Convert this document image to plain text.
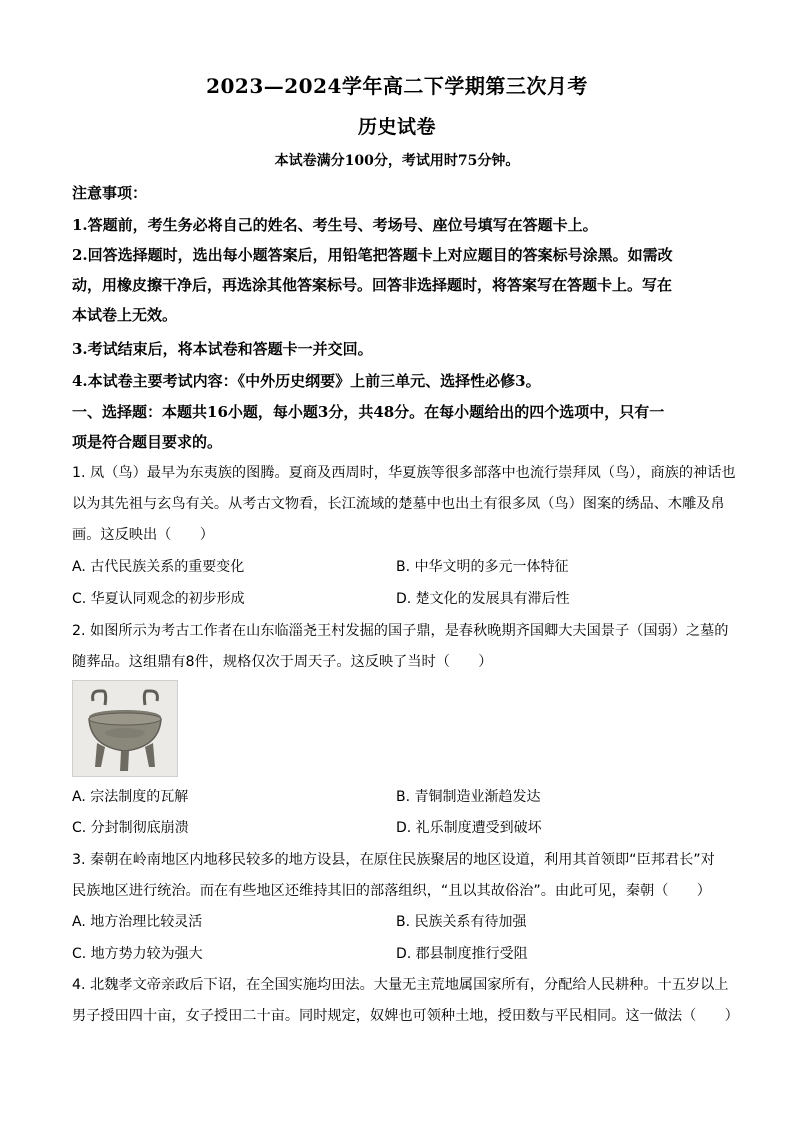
2023—2024学年高二下学期第三次月考
历史试卷
本试卷满分100分，考试用时75分钟。
注意事项：
1.答题前，考生务必将自己的姓名、考生号、考场号、座位号填写在答题卡上。
2.回答选择题时，选出每小题答案后，用铅笔把答题卡上对应题目的答案标号涂黑。如需改
动，用橡皮擦干净后，再选涂其他答案标号。回答非选择题时，将答案写在答题卡上。写在
本试卷上无效。
3.考试结束后，将本试卷和答题卡一并交回。
4.本试卷主要考试内容：《中外历史纲要》上前三单元、选择性必修3。
一、选择题：本题共16小题，每小题3分，共48分。在每小题给出的四个选项中，只有一
项是符合题目要求的。
1. 凤（鸟）最早为东夷族的图腾。夏商及西周时，华夏族等很多部落中也流行崇拜凤（鸟），商族的神话也
以为其先祖与玄鸟有关。从考古文物看，长江流域的楚墓中也出土有很多凤（鸟）图案的绣品、木雕及帛
画。这反映出（　　）
A. 古代民族关系的重要变化	B. 中华文明的多元一体特征
C. 华夏认同观念的初步形成	D. 楚文化的发展具有滞后性
2. 如图所示为考古工作者在山东临淄尧王村发掘的国子鼎，是春秋晚期齐国卿大夫国景子（国弱）之墓的
随葬品。这组鼎有8件，规格仅次于周天子。这反映了当时（　　）
A. 宗法制度的瓦解	B. 青铜制造业渐趋发达
C. 分封制彻底崩溃	D. 礼乐制度遭受到破坏
3. 秦朝在岭南地区内地移民较多的地方设县，在原住民族聚居的地区设道，利用其首领即“臣邦君长”对
民族地区进行统治。而在有些地区还维持其旧的部落组织，“且以其故俗治”。由此可见，秦朝（　　）
A. 地方治理比较灵活	B. 民族关系有待加强
C. 地方势力较为强大	D. 郡县制度推行受阻
4. 北魏孝文帝亲政后下诏，在全国实施均田法。大量无主荒地属国家所有，分配给人民耕种。十五岁以上
男子授田四十亩，女子授田二十亩。同时规定，奴婢也可领种土地，授田数与平民相同。这一做法（　　）
